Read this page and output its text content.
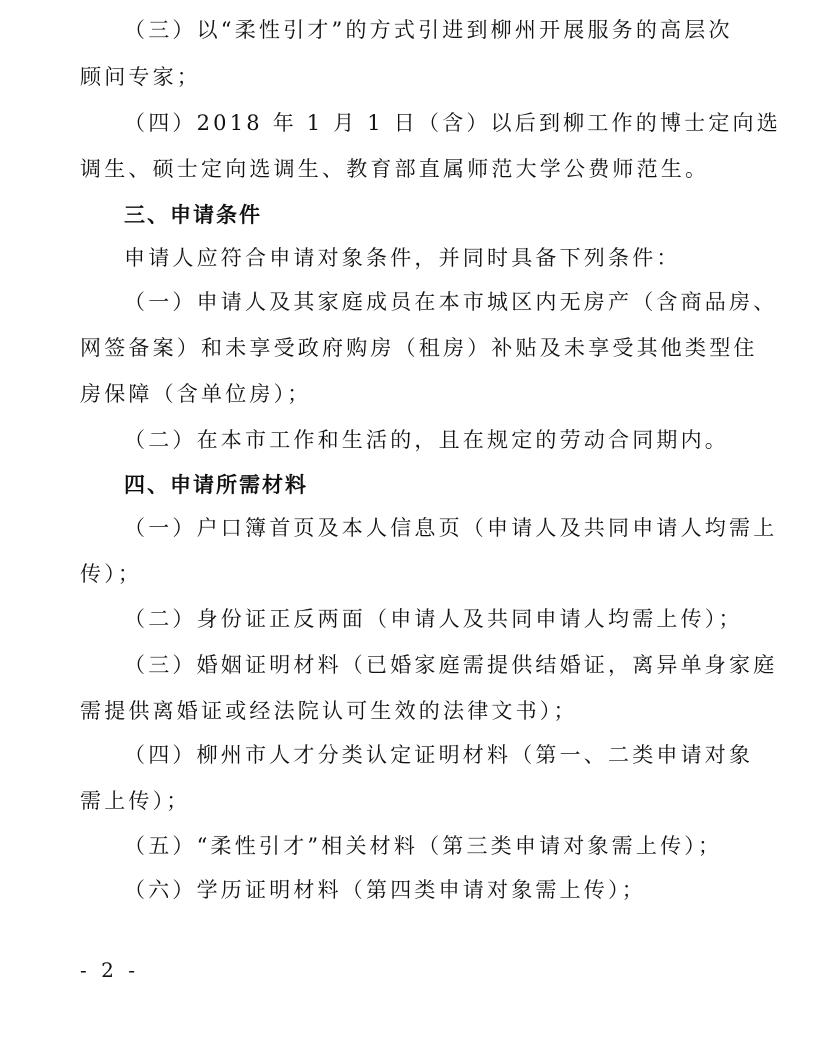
（三）以“柔性引才”的方式引进到柳州开展服务的高层次
顾问专家；
（四）2018 年 1 月 1 日（含）以后到柳工作的博士定向选
调生、硕士定向选调生、教育部直属师范大学公费师范生。
三、申请条件
申请人应符合申请对象条件，并同时具备下列条件：
（一）申请人及其家庭成员在本市城区内无房产（含商品房、
网签备案）和未享受政府购房（租房）补贴及未享受其他类型住
房保障（含单位房）；
（二）在本市工作和生活的，且在规定的劳动合同期内。
四、申请所需材料
（一）户口簿首页及本人信息页（申请人及共同申请人均需上
传）；
（二）身份证正反两面（申请人及共同申请人均需上传）；
（三）婚姻证明材料（已婚家庭需提供结婚证，离异单身家庭
需提供离婚证或经法院认可生效的法律文书）；
（四）柳州市人才分类认定证明材料（第一、二类申请对象
需上传）；
（五）“柔性引才”相关材料（第三类申请对象需上传）；
（六）学历证明材料（第四类申请对象需上传）；
- 2 -
